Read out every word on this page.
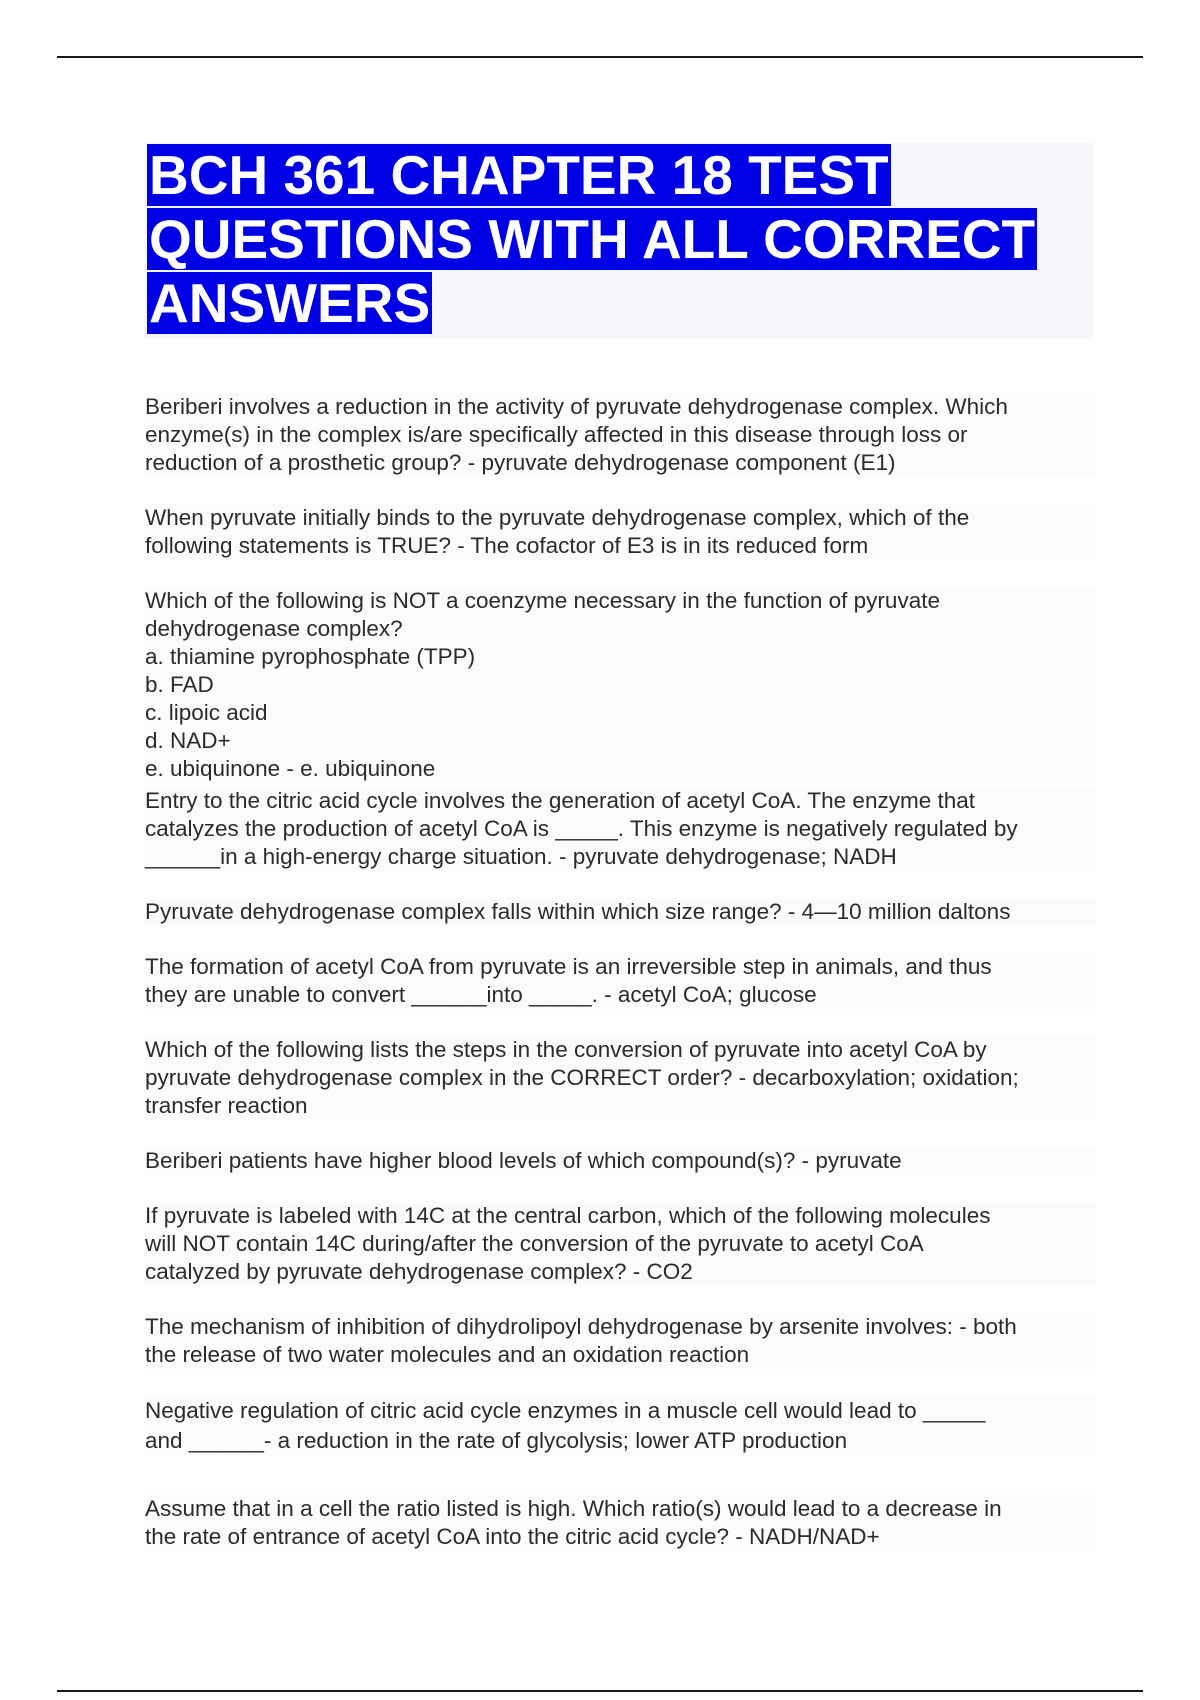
BCH 361 CHAPTER 18 TEST QUESTIONS WITH ALL CORRECT ANSWERS

Beriberi involves a reduction in the activity of pyruvate dehydrogenase complex. Which
enzyme(s) in the complex is/are specifically affected in this disease through loss or
reduction of a prosthetic group? - pyruvate dehydrogenase component (E1)

When pyruvate initially binds to the pyruvate dehydrogenase complex, which of the
following statements is TRUE? - The cofactor of E3 is in its reduced form

Which of the following is NOT a coenzyme necessary in the function of pyruvate
dehydrogenase complex?
a. thiamine pyrophosphate (TPP)
b. FAD
c. lipoic acid
d. NAD+
e. ubiquinone - e. ubiquinone

Entry to the citric acid cycle involves the generation of acetyl CoA. The enzyme that
catalyzes the production of acetyl CoA is _____. This enzyme is negatively regulated by
______in a high-energy charge situation. - pyruvate dehydrogenase; NADH

Pyruvate dehydrogenase complex falls within which size range? - 4—10 million daltons

The formation of acetyl CoA from pyruvate is an irreversible step in animals, and thus
they are unable to convert ______into _____. - acetyl CoA; glucose

Which of the following lists the steps in the conversion of pyruvate into acetyl CoA by
pyruvate dehydrogenase complex in the CORRECT order? - decarboxylation; oxidation;
transfer reaction

Beriberi patients have higher blood levels of which compound(s)? - pyruvate

If pyruvate is labeled with 14C at the central carbon, which of the following molecules
will NOT contain 14C during/after the conversion of the pyruvate to acetyl CoA
catalyzed by pyruvate dehydrogenase complex? - CO2

The mechanism of inhibition of dihydrolipoyl dehydrogenase by arsenite involves: - both
the release of two water molecules and an oxidation reaction

Negative regulation of citric acid cycle enzymes in a muscle cell would lead to _____
and ______- a reduction in the rate of glycolysis; lower ATP production

Assume that in a cell the ratio listed is high. Which ratio(s) would lead to a decrease in
the rate of entrance of acetyl CoA into the citric acid cycle? - NADH/NAD+
